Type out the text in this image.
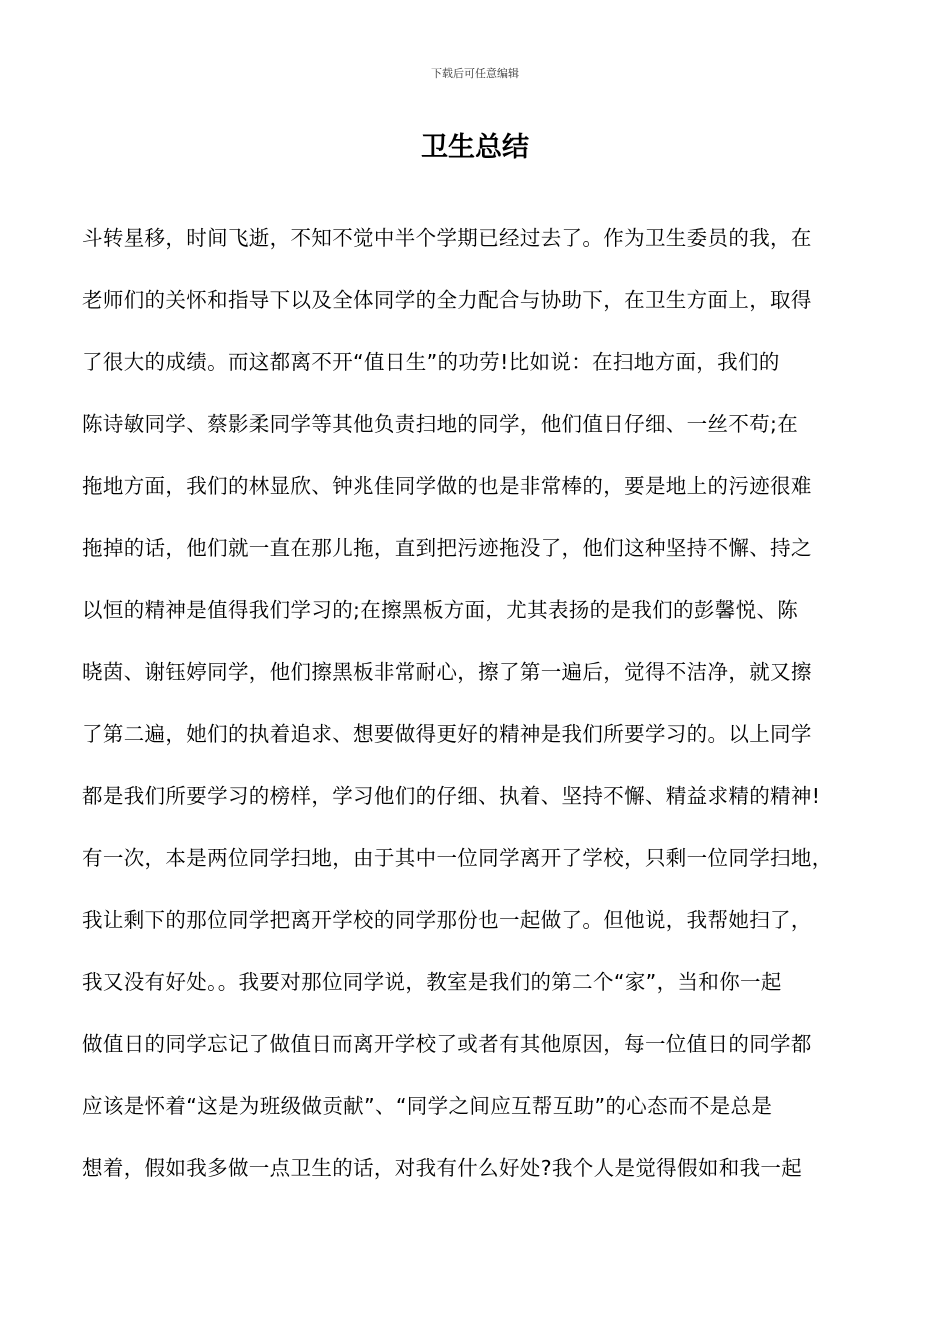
下载后可任意编辑
卫生总结
斗转星移，时间飞逝，不知不觉中半个学期已经过去了。作为卫生委员的我，在
老师们的关怀和指导下以及全体同学的全力配合与协助下，在卫生方面上，取得
了很大的成绩。而这都离不开“值日生”的功劳!比如说：在扫地方面，我们的
陈诗敏同学、蔡影柔同学等其他负责扫地的同学，他们值日仔细、一丝不苟;在
拖地方面，我们的林显欣、钟兆佳同学做的也是非常棒的，要是地上的污迹很难
拖掉的话，他们就一直在那儿拖，直到把污迹拖没了，他们这种坚持不懈、持之
以恒的精神是值得我们学习的;在擦黑板方面，尤其表扬的是我们的彭馨悦、陈
晓茵、谢钰婷同学，他们擦黑板非常耐心，擦了第一遍后，觉得不洁净，就又擦
了第二遍，她们的执着追求、想要做得更好的精神是我们所要学习的。以上同学
都是我们所要学习的榜样，学习他们的仔细、执着、坚持不懈、精益求精的精神!
有一次，本是两位同学扫地，由于其中一位同学离开了学校，只剩一位同学扫地，
我让剩下的那位同学把离开学校的同学那份也一起做了。但他说，我帮她扫了，
我又没有好处。。我要对那位同学说，教室是我们的第二个“家”，当和你一起
做值日的同学忘记了做值日而离开学校了或者有其他原因，每一位值日的同学都
应该是怀着“这是为班级做贡献”、“同学之间应互帮互助”的心态而不是总是
想着，假如我多做一点卫生的话，对我有什么好处?我个人是觉得假如和我一起
